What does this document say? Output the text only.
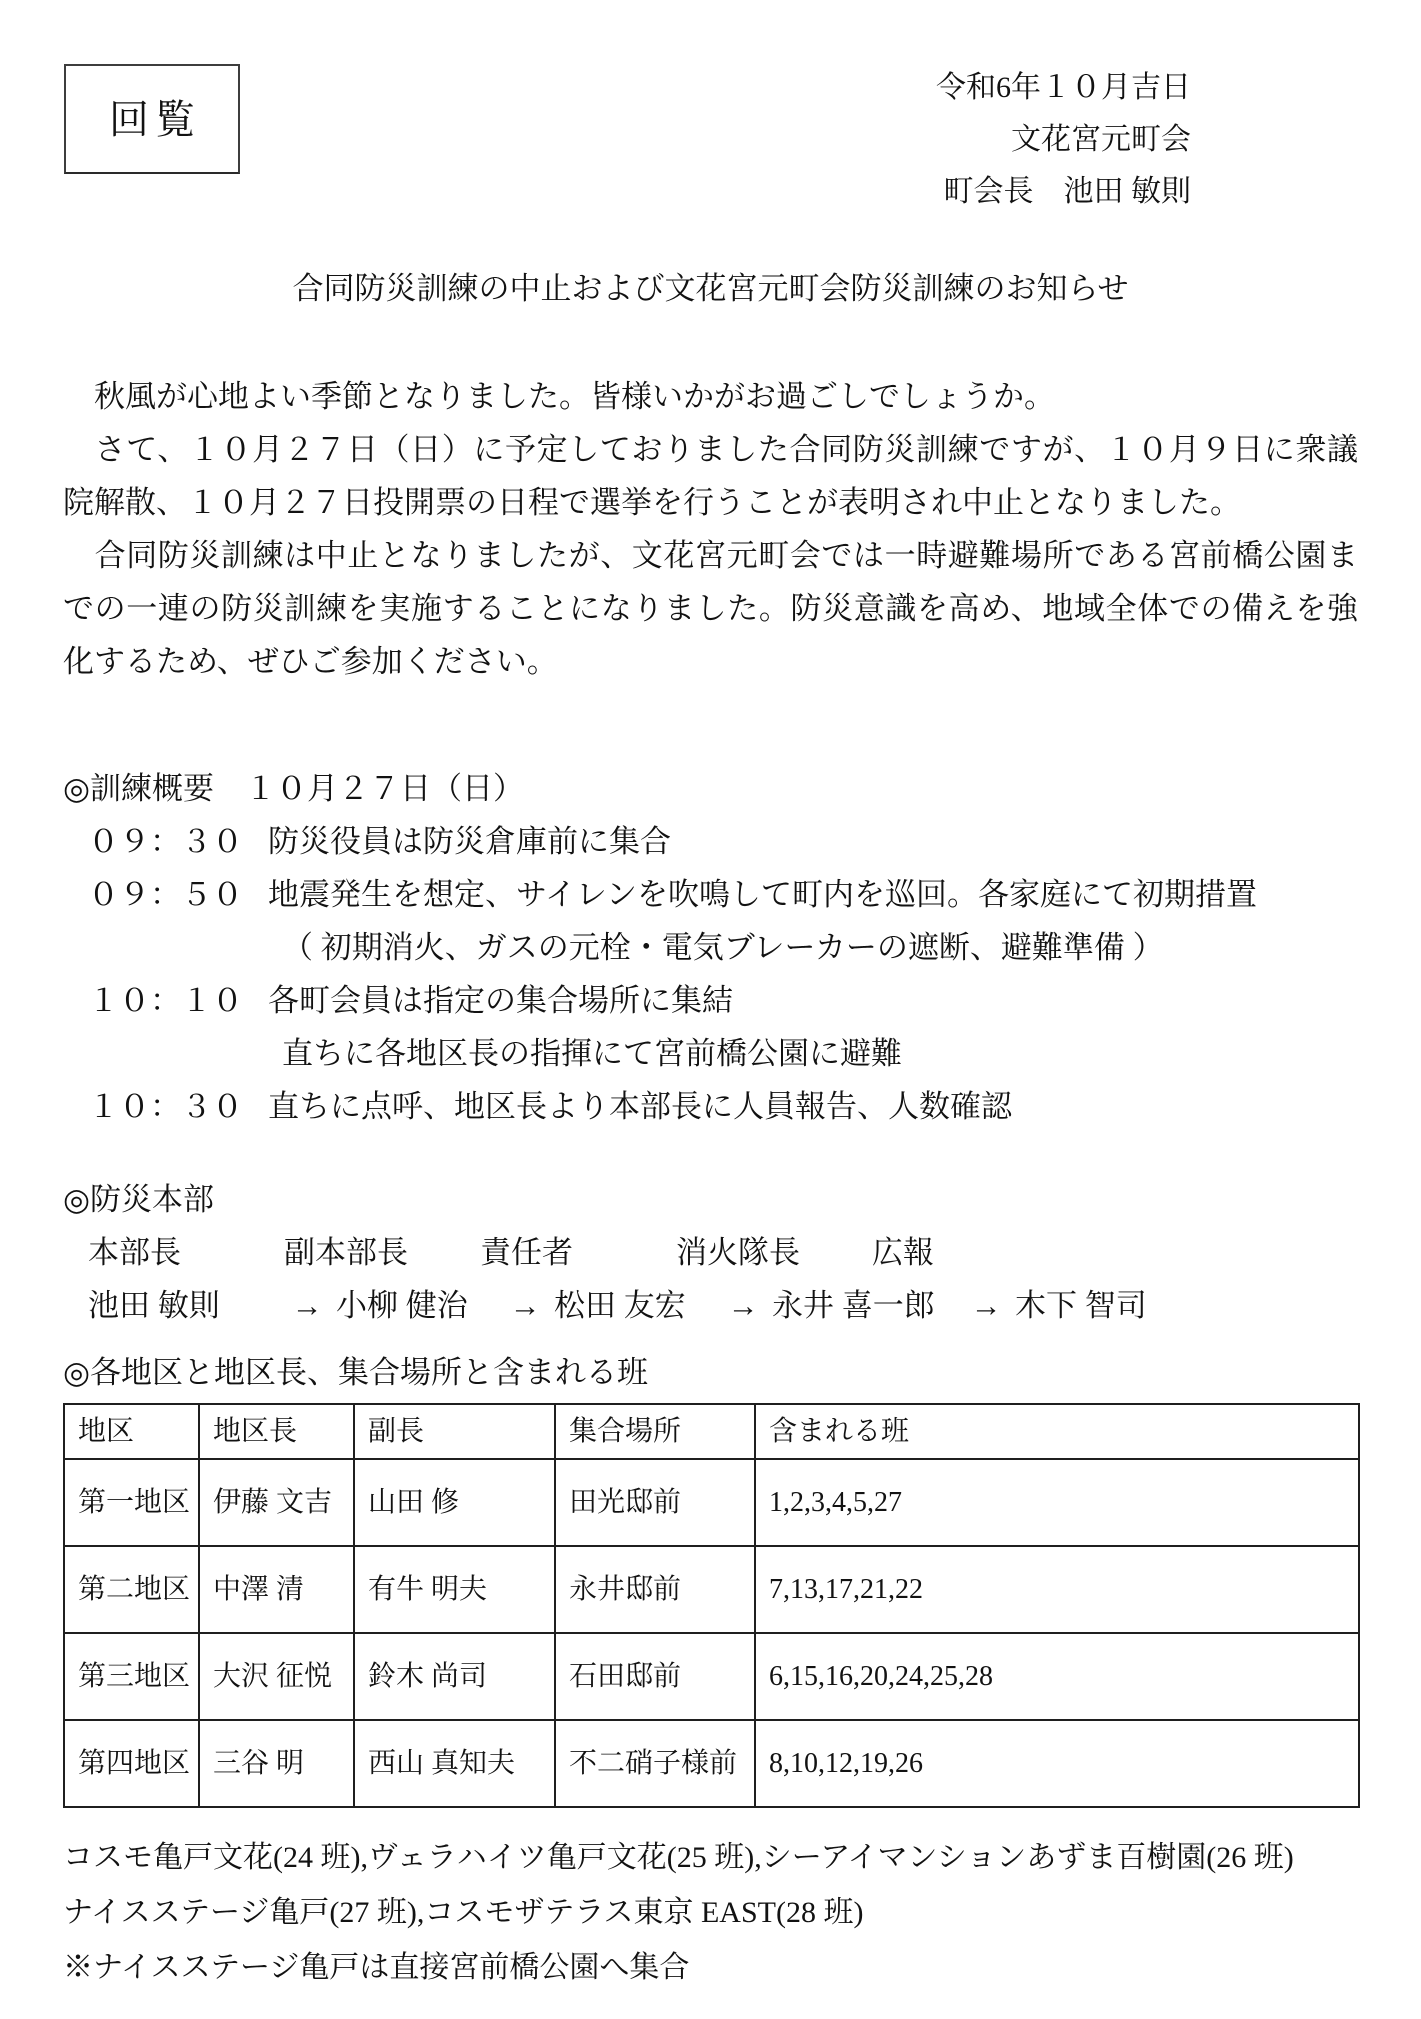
回覧
令和6年１０月吉日
文花宮元町会
町会長　池田 敏則
合同防災訓練の中止および文花宮元町会防災訓練のお知らせ

　秋風が心地よい季節となりました。皆様いかがお過ごしでしょうか。

　さて、１０月２７日（日）に予定しておりました合同防災訓練ですが、１０月９日に衆議院解散、１０月２７日投開票の日程で選挙を行うことが表明され中止となりました。

　合同防災訓練は中止となりましたが、文花宮元町会では一時避難場所である宮前橋公園までの一連の防災訓練を実施することになりました。防災意識を高め、地域全体での備えを強化するため、ぜひご参加ください。

◎訓練概要　１０月２７日（日）
０９：３０ 防災役員は防災倉庫前に集合
０９：５０ 地震発生を想定、サイレンを吹鳴して町内を巡回。各家庭にて初期措置
（ 初期消火、ガスの元栓・電気ブレーカーの遮断、避難準備 ）
１０：１０ 各町会員は指定の集合場所に集結
直ちに各地区長の指揮にて宮前橋公園に避難
１０：３０ 直ちに点呼、地区長より本部長に人員報告、人数確認
◎防災本部
本部長	副本部長	責任者	消火隊長	広報
池田 敏則	→ 小柳 健治	→ 松田 友宏	→ 永井 喜一郎	→ 木下 智司
◎各地区と地区長、集合場所と含まれる班
地区	地区長	副長	集合場所	含まれる班
第一地区	伊藤 文吉	山田 修	田光邸前	1,2,3,4,5,27
第二地区	中澤 清	有牛 明夫	永井邸前	7,13,17,21,22
第三地区	大沢 征悦	鈴木 尚司	石田邸前	6,15,16,20,24,25,28
第四地区	三谷 明	西山 真知夫	不二硝子様前	8,10,12,19,26
コスモ亀戸文花(24 班),ヴェラハイツ亀戸文花(25 班),シーアイマンションあずま百樹園(26 班)
ナイスステージ亀戸(27 班),コスモザテラス東京 EAST(28 班)
※ナイスステージ亀戸は直接宮前橋公園へ集合
